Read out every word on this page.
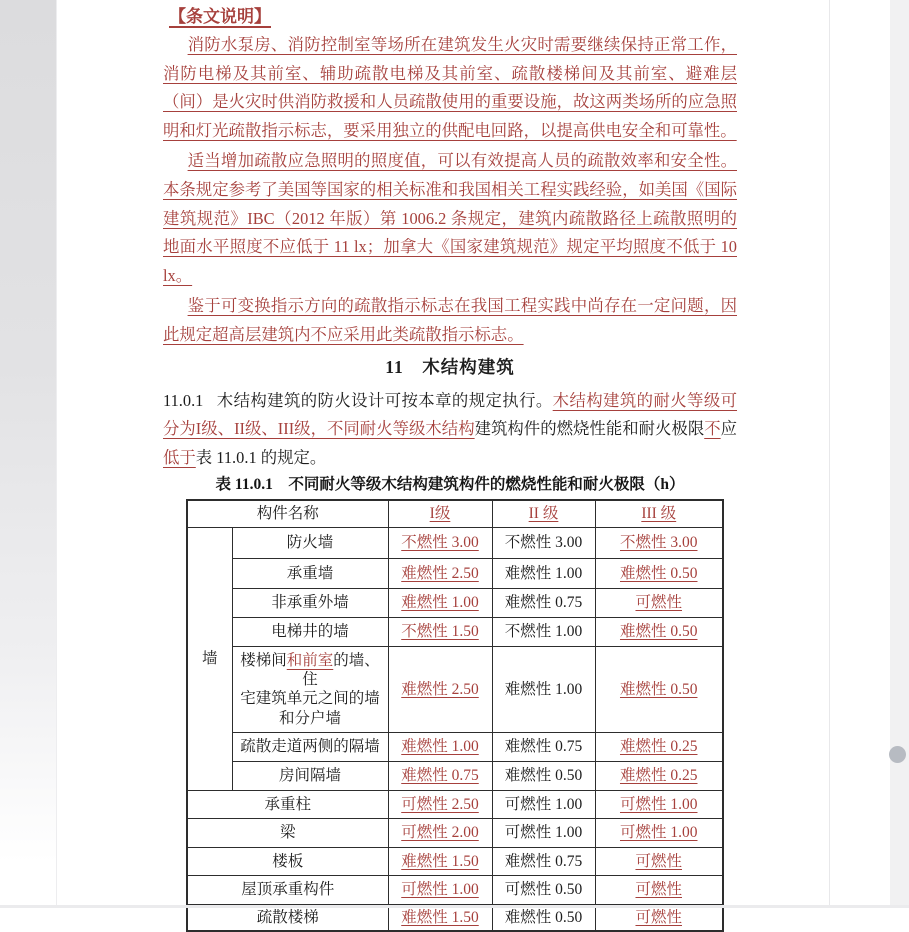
【条文说明】

消防水泵房、消防控制室等场所在建筑发生火灾时需要继续保持正常工作，消防电梯及其前室、辅助疏散电梯及其前室、疏散楼梯间及其前室、避难层（间）是火灾时供消防救援和人员疏散使用的重要设施，故这两类场所的应急照明和灯光疏散指示标志，要采用独立的供配电回路，以提高供电安全和可靠性。

适当增加疏散应急照明的照度值，可以有效提高人员的疏散效率和安全性。本条规定参考了美国等国家的相关标准和我国相关工程实践经验，如美国《国际建筑规范》IBC（2012 年版）第 1006.2 条规定，建筑内疏散路径上疏散照明的地面水平照度不应低于 11 lx；加拿大《国家建筑规范》规定平均照度不低于 10 lx。

鉴于可变换指示方向的疏散指示标志在我国工程实践中尚存在一定问题，因此规定超高层建筑内不应采用此类疏散指示标志。

11　木结构建筑

11.0.1 木结构建筑的防火设计可按本章的规定执行。木结构建筑的耐火等级可分为I级、II级、III级，不同耐火等级木结构建筑构件的燃烧性能和耐火极限不应低于表 11.0.1 的规定。

表 11.0.1　不同耐火等级木结构建筑构件的燃烧性能和耐火极限（h）
构件名称		I级	II 级	III 级
墙	防火墙	不燃性 3.00	不燃性 3.00	不燃性 3.00
	承重墙	难燃性 2.50	难燃性 1.00	难燃性 0.50
	非承重外墙	难燃性 1.00	难燃性 0.75	可燃性
	电梯井的墙	不燃性 1.50	不燃性 1.00	难燃性 0.50

	楼梯间和前室的墙、住
宅建筑单元之间的墙
和分户墙	难燃性 2.50	难燃性 1.00	难燃性 0.50
	疏散走道两侧的隔墙	难燃性 1.00	难燃性 0.75	难燃性 0.25
	房间隔墙	难燃性 0.75	难燃性 0.50	难燃性 0.25
承重柱		可燃性 2.50	可燃性 1.00	可燃性 1.00
梁		可燃性 2.00	可燃性 1.00	可燃性 1.00
楼板		难燃性 1.50	难燃性 0.75	可燃性
屋顶承重构件		可燃性 1.00	可燃性 0.50	可燃性
疏散楼梯		难燃性 1.50	难燃性 0.50	可燃性
